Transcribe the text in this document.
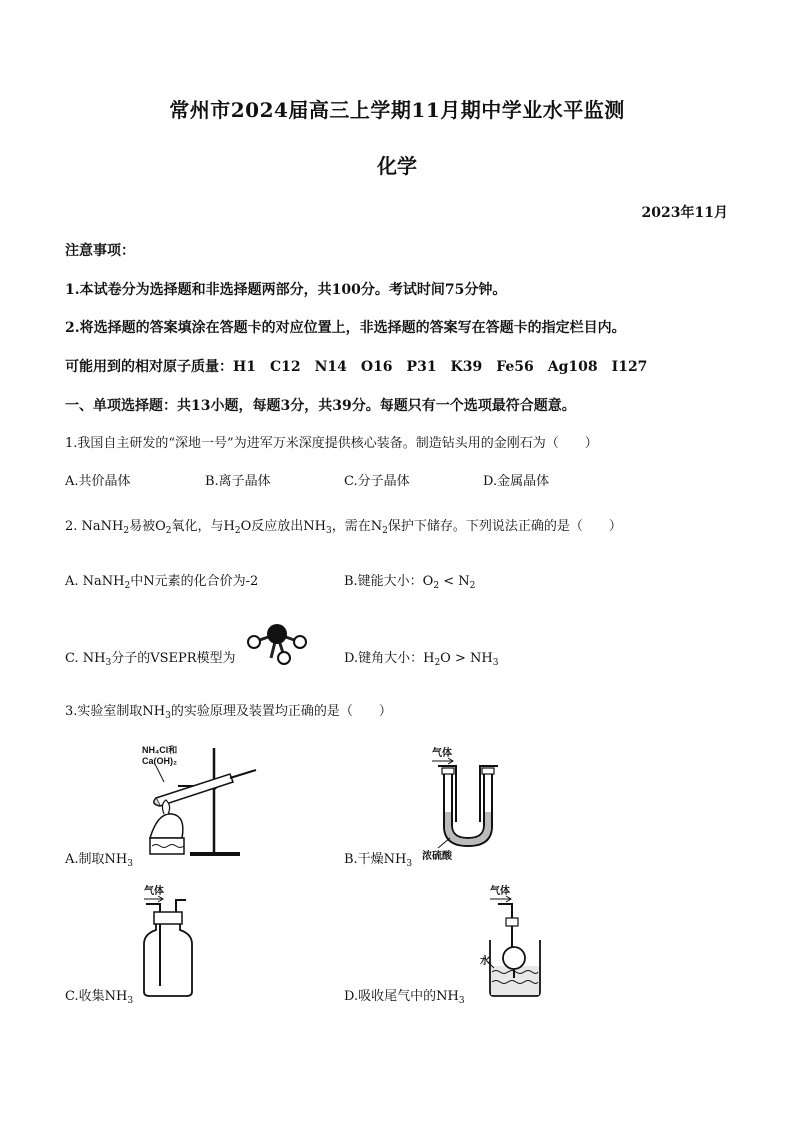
常州市2024届高三上学期11月期中学业水平监测
化学
2023年11月
注意事项：
1.本试卷分为选择题和非选择题两部分，共100分。考试时间75分钟。
2.将选择题的答案填涂在答题卡的对应位置上，非选择题的答案写在答题卡的指定栏目内。
可能用到的相对原子质量：H1　C12　N14　O16　P31　K39　Fe56　Ag108　I127
一、单项选择题：共13小题，每题3分，共39分。每题只有一个选项最符合题意。
1.我国自主研发的“深地一号”为进军万米深度提供核心装备。制造钻头用的金刚石为（　　）
A.共价晶体	B.离子晶体	C.分子晶体	D.金属晶体
2. NaNH$_2$易被$O_2$氧化，与$H_2O$反应放出$NH_3$，需在$N_2$保护下储存。下列说法正确的是（　　）
A. NaNH$_2$中N元素的化合价为-2	B.键能大小：$O_2 < N_2$
C. $NH_3$分子的VSEPR模型为	D.键角大小：$H_2O > NH_3$
3.实验室制取$NH_3$的实验原理及装置均正确的是（　　）
NH₄Cl和
Ca(OH)₂
A.制取$NH_3$
气体
浓硫酸
B.干燥$NH_3$
气体
C.收集$NH_3$
气体
水
D.吸收尾气中的$NH_3$
